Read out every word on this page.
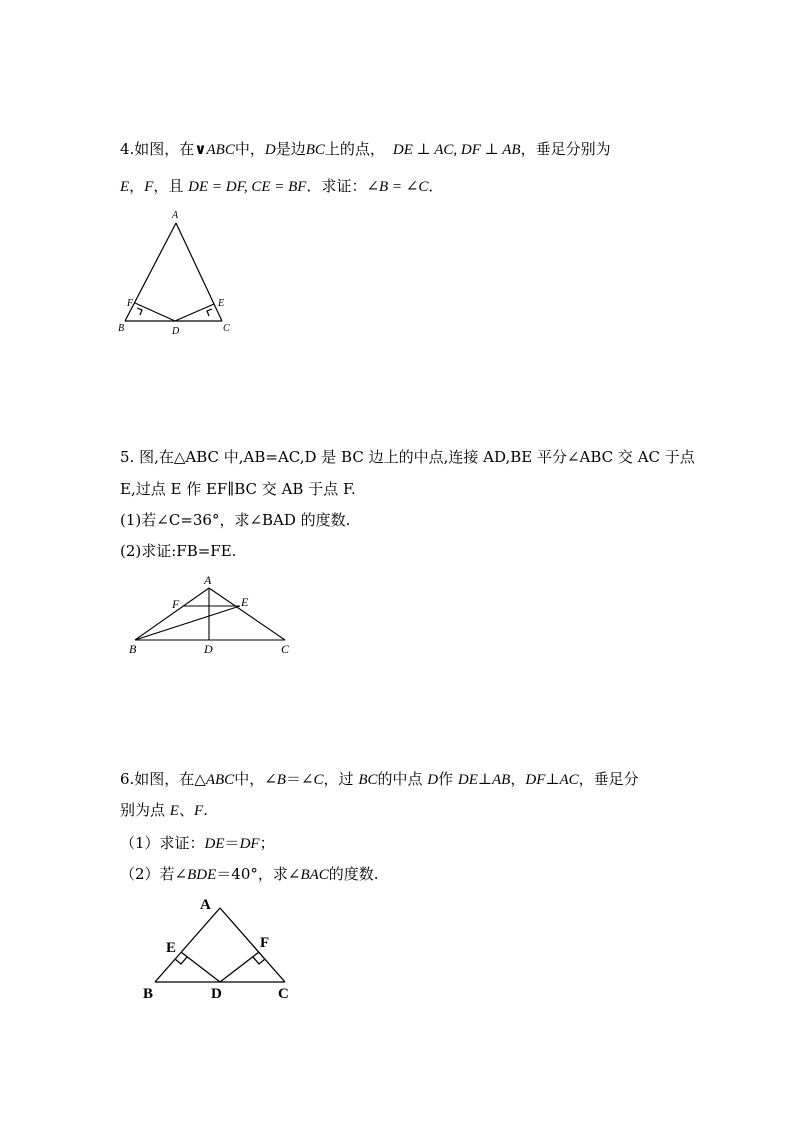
4.如图，在∨ABC中，D是边BC上的点， DE ⊥ AC, DF ⊥ AB，垂足分别为
E，F，且 DE = DF, CE = BF．求证：∠B = ∠C．
A
B	C
D
E
F
5. 图,在△ABC 中,AB=AC,D 是 BC 边上的中点,连接 AD,BE 平分∠ABC 交 AC 于点
E,过点 E 作 EF∥BC 交 AB 于点 F.
(1)若∠C=36°，求∠BAD 的度数.
(2)求证:FB=FE.
A
B	C
D
E
F
6.如图，在△ABC中，∠B＝∠C，过 BC的中点 D作 DE⊥AB，DF⊥AC，垂足分
别为点 E、F.
（1）求证：DE＝DF；
（2）若∠BDE＝40°，求∠BAC的度数.
A
B	C
D
E	F
